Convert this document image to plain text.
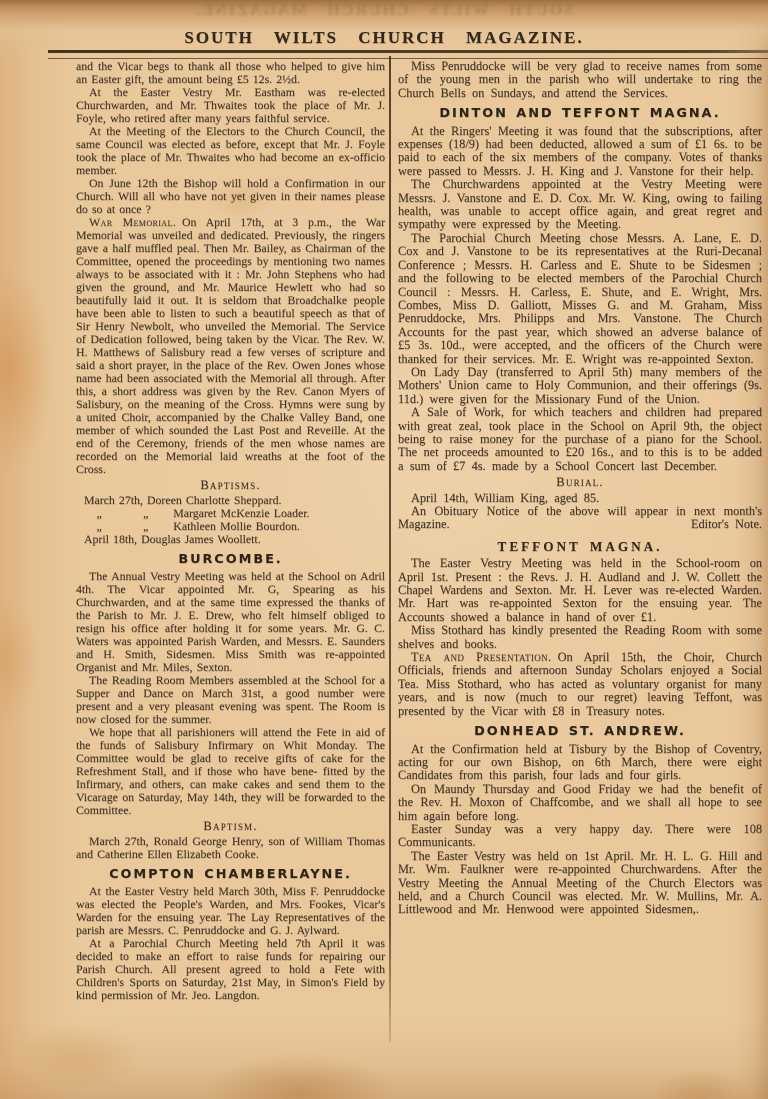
SOUTH WILTS CHURCH MAGAZINE.
SOUTH WILTS CHURCH MAGAZINE.

and the Vicar begs to thank all those who helped to give him an Easter gift, the amount being £5 12s. 2½d.

At the Easter Vestry Mr. Eastham was re-elected Churchwarden, and Mr. Thwaites took the place of Mr. J. Foyle, who retired after many years faithful service.

At the Meeting of the Electors to the Church Council, the same Council was elected as before, except that Mr. J. Foyle took the place of Mr. Thwaites who had become an ex-officio member.

On June 12th the Bishop will hold a Confirmation in our Church. Will all who have not yet given in their names please do so at once ?

War Memorial. On April 17th, at 3 p.m., the War Memorial was unveiled and dedicated. Previously, the ringers gave a half muffled peal. Then Mr. Bailey, as Chairman of the Committee, opened the proceedings by mentioning two names always to be associated with it : Mr. John Stephens who had given the ground, and Mr. Maurice Hewlett who had so beautifully laid it out. It is seldom that Broadchalke people have been able to listen to such a beautiful speech as that of Sir Henry Newbolt, who unveiled the Memorial. The Service of Dedication followed, being taken by the Vicar. The Rev. W. H. Matthews of Salisbury read a few verses of scripture and said a short prayer, in the place of the Rev. Owen Jones whose name had been associated with the Memorial all through. After this, a short address was given by the Rev. Canon Myers of Salisbury, on the meaning of the Cross. Hymns were sung by a united Choir, accompanied by the Chalke Valley Band, one member of which sounded the Last Post and Reveille. At the end of the Ceremony, friends of the men whose names are recorded on the Memorial laid wreaths at the foot of the Cross.

Baptisms.
March 27th, Doreen Charlotte Sheppard.
„          „      Margaret McKenzie Loader.
„          „      Kathleen Mollie Bourdon.
April 18th, Douglas James Woollett.
BURCOMBE.

The Annual Vestry Meeting was held at the School on Adril 4th. The Vicar appointed Mr. G, Spearing as his Churchwarden, and at the same time expressed the thanks of the Parish to Mr. J. E. Drew, who felt himself obliged to resign his office after holding it for some years. Mr. G. C. Waters was appointed Parish Warden, and Messrs. E. Saunders and H. Smith, Sidesmen. Miss Smith was re-appointed Organist and Mr. Miles, Sexton.

The Reading Room Members assembled at the School for a Supper and Dance on March 31st, a good number were present and a very pleasant evening was spent. The Room is now closed for the summer.

We hope that all parishioners will attend the Fete in aid of the funds of Salisbury Infirmary on Whit Monday. The Committee would be glad to receive gifts of cake for the Refreshment Stall, and if those who have bene- fitted by the Infirmary, and others, can make cakes and send them to the Vicarage on Saturday, May 14th, they will be forwarded to the Committee.

Baptism.

March 27th, Ronald George Henry, son of William Thomas and Catherine Ellen Elizabeth Cooke.

COMPTON CHAMBERLAYNE.

At the Easter Vestry held March 30th, Miss F. Penruddocke was elected the People's Warden, and Mrs. Fookes, Vicar's Warden for the ensuing year. The Lay Representatives of the parish are Messrs. C. Penruddocke and G. J. Aylward.

At a Parochial Church Meeting held 7th April it was decided to make an effort to raise funds for repairing our Parish Church. All present agreed to hold a Fete with Children's Sports on Saturday, 21st May, in Simon's Field by kind permission of Mr. Jeo. Langdon.

Miss Penruddocke will be very glad to receive names from some of the young men in the parish who will undertake to ring the Church Bells on Sundays, and attend the Services.

DINTON AND TEFFONT MAGNA.

At the Ringers' Meeting it was found that the subscriptions, after expenses (18/9) had been deducted, allowed a sum of £1 6s. to be paid to each of the six members of the company. Votes of thanks were passed to Messrs. J. H. King and J. Vanstone for their help.

The Churchwardens appointed at the Vestry Meeting were Messrs. J. Vanstone and E. D. Cox. Mr. W. King, owing to failing health, was unable to accept office again, and great regret and sympathy were expressed by the Meeting.

The Parochial Church Meeting chose Messrs. A. Lane, E. D. Cox and J. Vanstone to be its representatives at the Ruri-Decanal Conference ; Messrs. H. Carless and E. Shute to be Sidesmen ; and the following to be elected members of the Parochial Church Council : Messrs. H. Carless, E. Shute, and E. Wright, Mrs. Combes, Miss D. Galliott, Misses G. and M. Graham, Miss Penruddocke, Mrs. Philipps and Mrs. Vanstone. The Church Accounts for the past year, which showed an adverse balance of £5 3s. 10d., were accepted, and the officers of the Church were thanked for their services. Mr. E. Wright was re-appointed Sexton.

On Lady Day (transferred to April 5th) many members of the Mothers' Union came to Holy Communion, and their offerings (9s. 11d.) were given for the Missionary Fund of the Union.

A Sale of Work, for which teachers and children had prepared with great zeal, took place in the School on April 9th, the object being to raise money for the purchase of a piano for the School. The net proceeds amounted to £20 16s., and to this is to be added a sum of £7 4s. made by a School Concert last December.

Burial.

April 14th, William King, aged 85.

An Obituary Notice of the above will appear in next month's Magazine.	Editor's Note.

TEFFONT MAGNA.

The Easter Vestry Meeting was held in the School-room on April 1st. Present : the Revs. J. H. Audland and J. W. Collett the Chapel Wardens and Sexton. Mr. H. Lever was re-elected Warden. Mr. Hart was re-appointed Sexton for the ensuing year. The Accounts showed a balance in hand of over £1.

Miss Stothard has kindly presented the Reading Room with some shelves and books.

Tea and Presentation. On April 15th, the Choir, Church Officials, friends and afternoon Sunday Scholars enjoyed a Social Tea. Miss Stothard, who has acted as voluntary organist for many years, and is now (much to our regret) leaving Teffont, was presented by the Vicar with £8 in Treasury notes.

DONHEAD ST. ANDREW.

At the Confirmation held at Tisbury by the Bishop of Coventry, acting for our own Bishop, on 6th March, there were eight Candidates from this parish, four lads and four girls.

On Maundy Thursday and Good Friday we had the benefit of the Rev. H. Moxon of Chaffcombe, and we shall all hope to see him again before long.

Easter Sunday was a very happy day. There were 108 Communicants.

The Easter Vestry was held on 1st April. Mr. H. L. G. Hill and Mr. Wm. Faulkner were re-appointed Churchwardens. After the Vestry Meeting the Annual Meeting of the Church Electors was held, and a Church Council was elected. Mr. W. Mullins, Mr. A. Littlewood and Mr. Henwood were appointed Sidesmen,.
